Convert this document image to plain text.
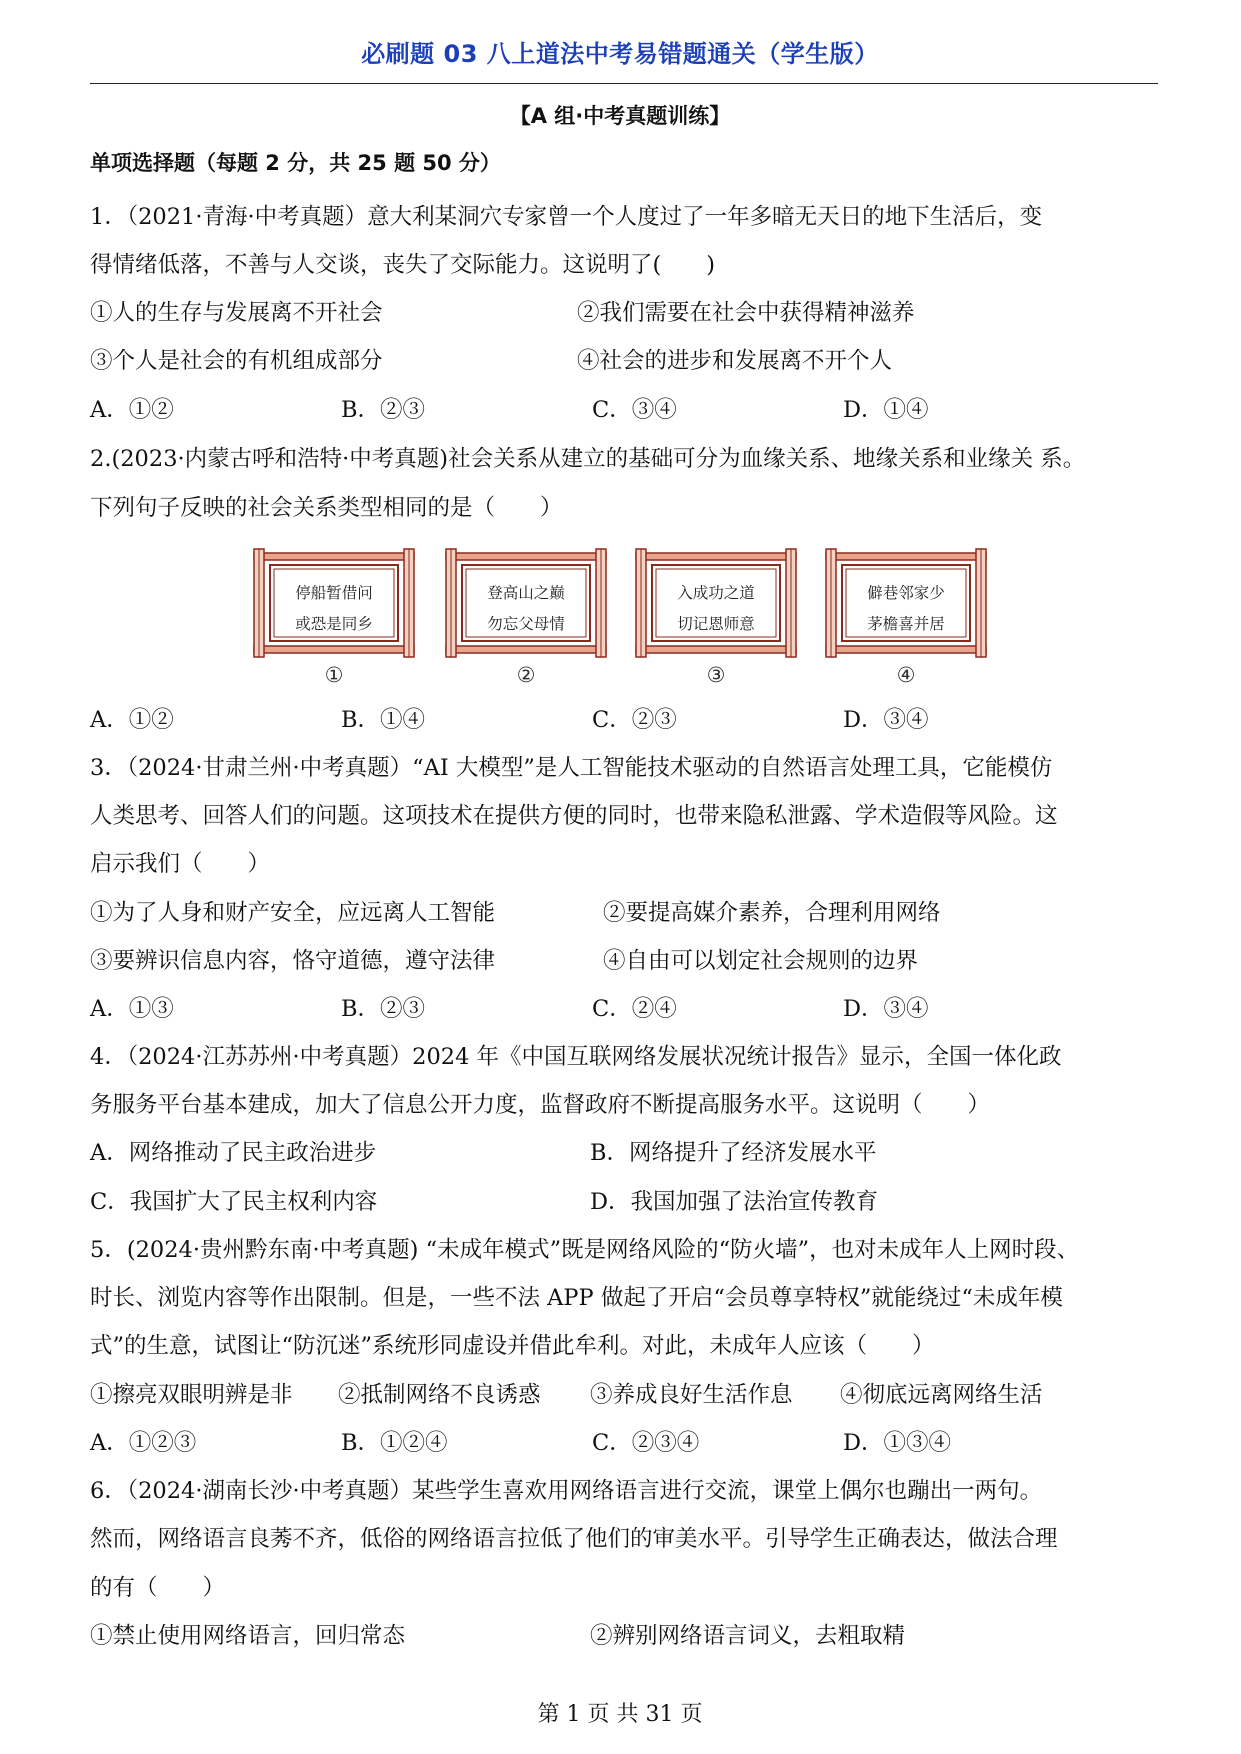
必刷题 03 八上道法中考易错题通关（学生版）
【A 组·中考真题训练】
单项选择题（每题 2 分，共 25 题 50 分）
1．（2021·青海·中考真题）意大利某洞穴专家曾一个人度过了一年多暗无天日的地下生活后，变
得情绪低落，不善与人交谈，丧失了交际能力。这说明了(　　)
①人的生存与发展离不开社会	②我们需要在社会中获得精神滋养
③个人是社会的有机组成部分	④社会的进步和发展离不开个人
A．①②	B．②③	C．③④	D．①④
2.(2023·内蒙古呼和浩特·中考真题)社会关系从建立的基础可分为血缘关系、地缘关系和业缘关 系。
下列句子反映的社会关系类型相同的是（　　）
停船暂借问
或恐是同乡
①
登高山之巅
勿忘父母情
②
入成功之道
切记恩师意
③
僻巷邻家少
茅檐喜并居
④
A．①②	B．①④	C．②③	D．③④
3．（2024·甘肃兰州·中考真题）“AI 大模型”是人工智能技术驱动的自然语言处理工具，它能模仿
人类思考、回答人们的问题。这项技术在提供方便的同时，也带来隐私泄露、学术造假等风险。这
启示我们（　　）
①为了人身和财产安全，应远离人工智能	②要提高媒介素养，合理利用网络
③要辨识信息内容，恪守道德，遵守法律	④自由可以划定社会规则的边界
A．①③	B．②③	C．②④	D．③④
4．（2024·江苏苏州·中考真题）2024 年《中国互联网络发展状况统计报告》显示，全国一体化政
务服务平台基本建成，加大了信息公开力度，监督政府不断提高服务水平。这说明（　　）
A．网络推动了民主政治进步	B．网络提升了经济发展水平
C．我国扩大了民主权利内容	D．我国加强了法治宣传教育
5．(2024·贵州黔东南·中考真题) “未成年模式”既是网络风险的“防火墙”，也对未成年人上网时段、
时长、浏览内容等作出限制。但是，一些不法 APP 做起了开启“会员尊享特权”就能绕过“未成年模
式”的生意，试图让“防沉迷”系统形同虚设并借此牟利。对此，未成年人应该（　　）
①擦亮双眼明辨是非 ②抵制网络不良诱惑 ③养成良好生活作息 ④彻底远离网络生活
A．①②③	B．①②④	C．②③④	D．①③④
6．（2024·湖南长沙·中考真题）某些学生喜欢用网络语言进行交流，课堂上偶尔也蹦出一两句。
然而，网络语言良莠不齐，低俗的网络语言拉低了他们的审美水平。引导学生正确表达，做法合理
的有（　　）
①禁止使用网络语言，回归常态	②辨别网络语言词义，去粗取精
第 1 页 共 31 页
